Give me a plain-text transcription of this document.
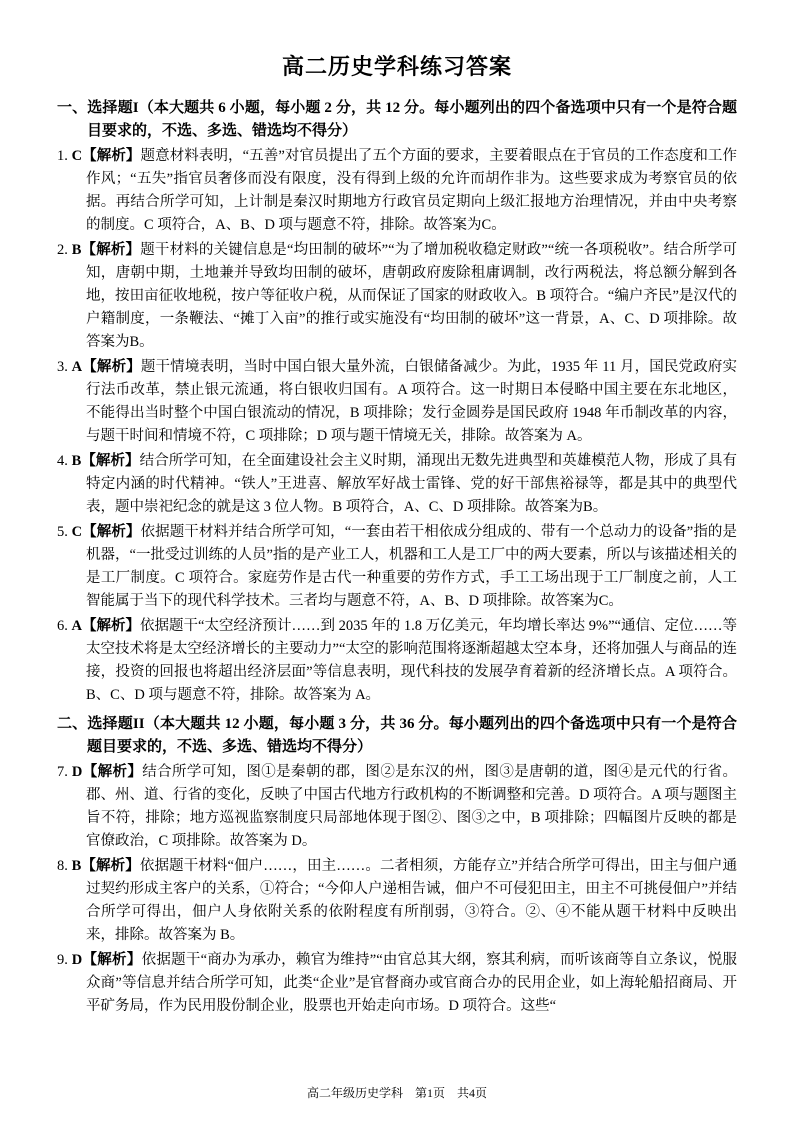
高二历史学科练习答案
一、选择题I（本大题共 6 小题，每小题 2 分，共 12 分。每小题列出的四个备选项中只有一个是符合题目要求的，不选、多选、错选均不得分）
1. C【解析】题意材料表明，“五善”对官员提出了五个方面的要求，主要着眼点在于官员的工作态度和工作作风；“五失”指官员奢侈而没有限度，没有得到上级的允许而胡作非为。这些要求成为考察官员的依据。再结合所学可知，上计制是秦汉时期地方行政官员定期向上级汇报地方治理情况，并由中央考察的制度。C 项符合，A、B、D 项与题意不符，排除。故答案为C。
2. B【解析】题干材料的关键信息是“均田制的破坏”“为了增加税收稳定财政”“统一各项税收”。结合所学可知，唐朝中期，土地兼并导致均田制的破坏，唐朝政府废除租庸调制，改行两税法，将总额分解到各地，按田亩征收地税，按户等征收户税，从而保证了国家的财政收入。B 项符合。“编户齐民”是汉代的户籍制度，一条鞭法、“摊丁入亩”的推行或实施没有“均田制的破坏”这一背景，A、C、D 项排除。故答案为B。
3. A【解析】题干情境表明，当时中国白银大量外流，白银储备减少。为此，1935 年 11 月，国民党政府实行法币改革，禁止银元流通，将白银收归国有。A 项符合。这一时期日本侵略中国主要在东北地区，不能得出当时整个中国白银流动的情况，B 项排除；发行金圆券是国民政府 1948 年币制改革的内容，与题干时间和情境不符，C 项排除；D 项与题干情境无关，排除。故答案为 A。
4. B【解析】结合所学可知，在全面建设社会主义时期，涌现出无数先进典型和英雄模范人物，形成了具有特定内涵的时代精神。“铁人”王进喜、解放军好战士雷锋、党的好干部焦裕禄等，都是其中的典型代表，题中崇祀纪念的就是这 3 位人物。B 项符合，A、C、D 项排除。故答案为B。
5. C【解析】依据题干材料并结合所学可知，“一套由若干相依成分组成的、带有一个总动力的设备”指的是机器，“一批受过训练的人员”指的是产业工人，机器和工人是工厂中的两大要素，所以与该描述相关的是工厂制度。C 项符合。家庭劳作是古代一种重要的劳作方式，手工工场出现于工厂制度之前，人工智能属于当下的现代科学技术。三者均与题意不符，A、B、D 项排除。故答案为C。
6. A【解析】依据题干“太空经济预计……到 2035 年的 1.8 万亿美元，年均增长率达 9%”“通信、定位……等太空技术将是太空经济增长的主要动力”“太空的影响范围将逐渐超越太空本身，还将加强人与商品的连接，投资的回报也将超出经济层面”等信息表明，现代科技的发展孕育着新的经济增长点。A 项符合。B、C、D 项与题意不符，排除。故答案为 A。
二、选择题II（本大题共 12 小题，每小题 3 分，共 36 分。每小题列出的四个备选项中只有一个是符合题目要求的，不选、多选、错选均不得分）
7. D【解析】结合所学可知，图①是秦朝的郡，图②是东汉的州，图③是唐朝的道，图④是元代的行省。郡、州、道、行省的变化，反映了中国古代地方行政机构的不断调整和完善。D 项符合。A 项与题图主旨不符，排除；地方巡视监察制度只局部地体现于图②、图③之中，B 项排除；四幅图片反映的都是官僚政治，C 项排除。故答案为 D。
8. B【解析】依据题干材料“佃户……，田主……。二者相须，方能存立”并结合所学可得出，田主与佃户通过契约形成主客户的关系，①符合；“今仰人户递相告诫，佃户不可侵犯田主，田主不可挑侵佃户”并结合所学可得出，佃户人身依附关系的依附程度有所削弱，③符合。②、④不能从题干材料中反映出来，排除。故答案为 B。
9. D【解析】依据题干“商办为承办，赖官为维持”“由官总其大纲，察其利病，而听该商等自立条议，悦服众商”等信息并结合所学可知，此类“企业”是官督商办或官商合办的民用企业，如上海轮船招商局、开平矿务局，作为民用股份制企业，股票也开始走向市场。D 项符合。这些“
高二年级历史学科　第1页　共4页
